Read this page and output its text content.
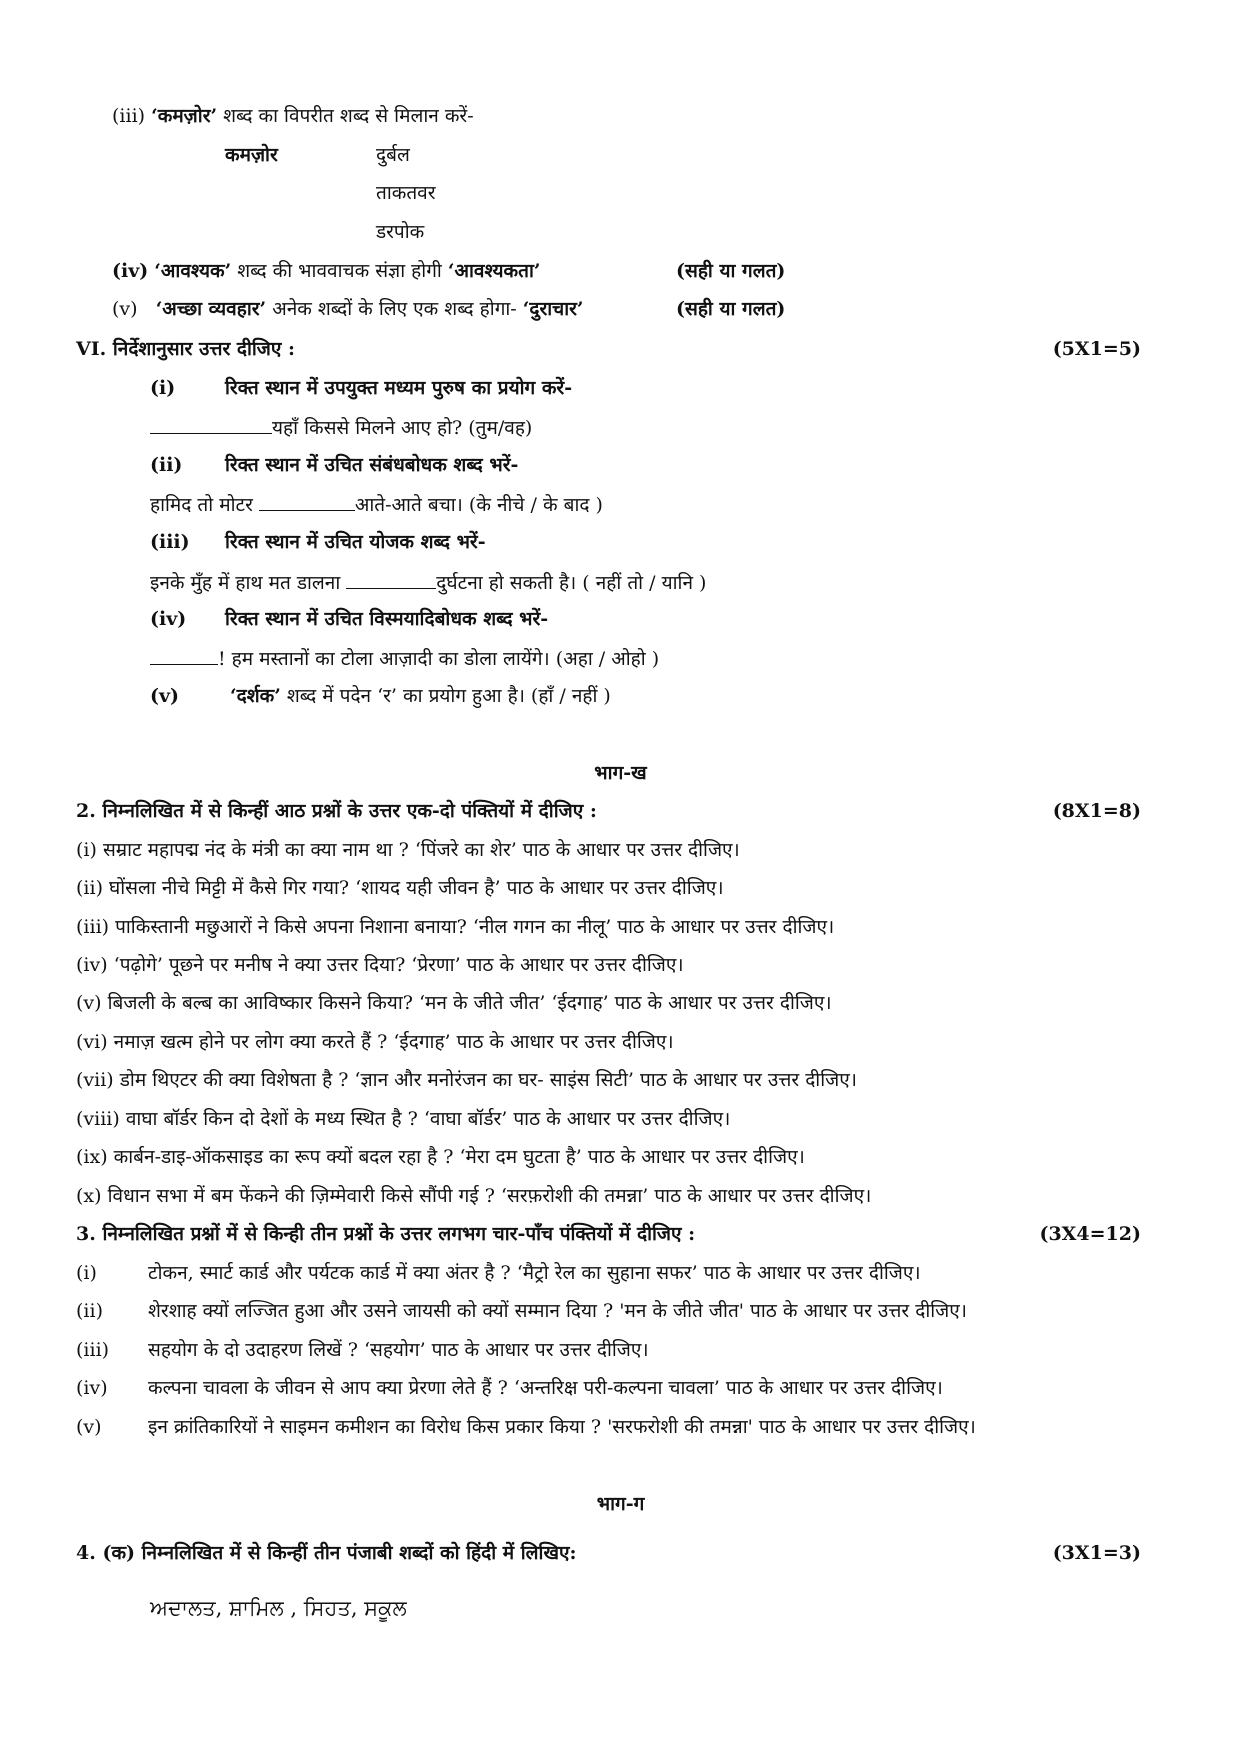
(iii) ‘कमज़ोर’ शब्द का विपरीत शब्द से मिलान करें-
कमज़ोर	दुर्बल
ताकतवर
डरपोक
(iv) ‘आवश्यक’ शब्द की भाववाचक संज्ञा होगी ‘आवश्यकता’	(सही या गलत)
(v) ‘अच्छा व्यवहार’ अनेक शब्दों के लिए एक शब्द होगा- ‘दुराचार’	(सही या गलत)
VI. निर्देशानुसार उत्तर दीजिए :	(5X1=5)
(i)	रिक्त स्थान में उपयुक्त मध्यम पुरुष का प्रयोग करें-
यहाँ किससे मिलने आए हो? (तुम/वह)
(ii) रिक्त स्थान में उचित संबंधबोधक शब्द भरें-
हामिद तो मोटर	आते-आते बचा। (के नीचे / के बाद )
(iii) रिक्त स्थान में उचित योजक शब्द भरें-
इनके मुँह में हाथ मत डालना	दुर्घटना हो सकती है। ( नहीं तो / यानि )
(iv) रिक्त स्थान में उचित विस्मयादिबोधक शब्द भरें-
! हम मस्तानों का टोला आज़ादी का डोला लायेंगे। (अहा / ओहो )
(v)	‘दर्शक’ शब्द में पदेन ‘र’ का प्रयोग हुआ है। (हाँ / नहीं )
भाग-ख
2. निम्नलिखित में से किन्हीं आठ प्रश्नों के उत्तर एक-दो पंक्तियों में दीजिए :	(8X1=8)
(i) सम्राट महापद्म नंद के मंत्री का क्या नाम था ? ‘पिंजरे का शेर’ पाठ के आधार पर उत्तर दीजिए।
(ii) घोंसला नीचे मिट्टी में कैसे गिर गया? ‘शायद यही जीवन है’ पाठ के आधार पर उत्तर दीजिए।
(iii) पाकिस्तानी मछुआरों ने किसे अपना निशाना बनाया? ‘नील गगन का नीलू’ पाठ के आधार पर उत्तर दीजिए।
(iv) ‘पढ़ोगे’ पूछने पर मनीष ने क्या उत्तर दिया? ‘प्रेरणा’ पाठ के आधार पर उत्तर दीजिए।
(v) बिजली के बल्ब का आविष्कार किसने किया? ‘मन के जीते जीत’ ‘ईदगाह’ पाठ के आधार पर उत्तर दीजिए।
(vi) नमाज़ खत्म होने पर लोग क्या करते हैं ? ‘ईदगाह’ पाठ के आधार पर उत्तर दीजिए।
(vii) डोम थिएटर की क्या विशेषता है ? ‘ज्ञान और मनोरंजन का घर- साइंस सिटी’ पाठ के आधार पर उत्तर दीजिए।
(viii) वाघा बॉर्डर किन दो देशों के मध्य स्थित है ? ‘वाघा बॉर्डर’ पाठ के आधार पर उत्तर दीजिए।
(ix) कार्बन-डाइ-ऑकसाइड का रूप क्यों बदल रहा है ? ‘मेरा दम घुटता है’ पाठ के आधार पर उत्तर दीजिए।
(x) विधान सभा में बम फेंकने की ज़िम्मेवारी किसे सौंपी गई ? ‘सरफ़रोशी की तमन्ना’ पाठ के आधार पर उत्तर दीजिए।
3. निम्नलिखित प्रश्नों में से किन्ही तीन प्रश्नों के उत्तर लगभग चार-पाँच पंक्तियों में दीजिए :	(3X4=12)
(i)	टोकन, स्मार्ट कार्ड और पर्यटक कार्ड में क्या अंतर है ? ‘मैट्रो रेल का सुहाना सफर’ पाठ के आधार पर उत्तर दीजिए।
(ii) शेरशाह क्यों लज्जित हुआ और उसने जायसी को क्यों सम्मान दिया ? 'मन के जीते जीत' पाठ के आधार पर उत्तर दीजिए।
(iii) सहयोग के दो उदाहरण लिखें ? ‘सहयोग’ पाठ के आधार पर उत्तर दीजिए।
(iv) कल्पना चावला के जीवन से आप क्या प्रेरणा लेते हैं ? ‘अन्तरिक्ष परी-कल्पना चावला’ पाठ के आधार पर उत्तर दीजिए।
(v) इन क्रांतिकारियों ने साइमन कमीशन का विरोध किस प्रकार किया ? 'सरफरोशी की तमन्ना' पाठ के आधार पर उत्तर दीजिए।
भाग-ग
4. (क) निम्नलिखित में से किन्हीं तीन पंजाबी शब्दों को हिंदी में लिखिए:	(3X1=3)
ਅਦਾਲਤ, ਸ਼ਾਮਿਲ , ਸਿਹਤ, ਸਕੂਲ
